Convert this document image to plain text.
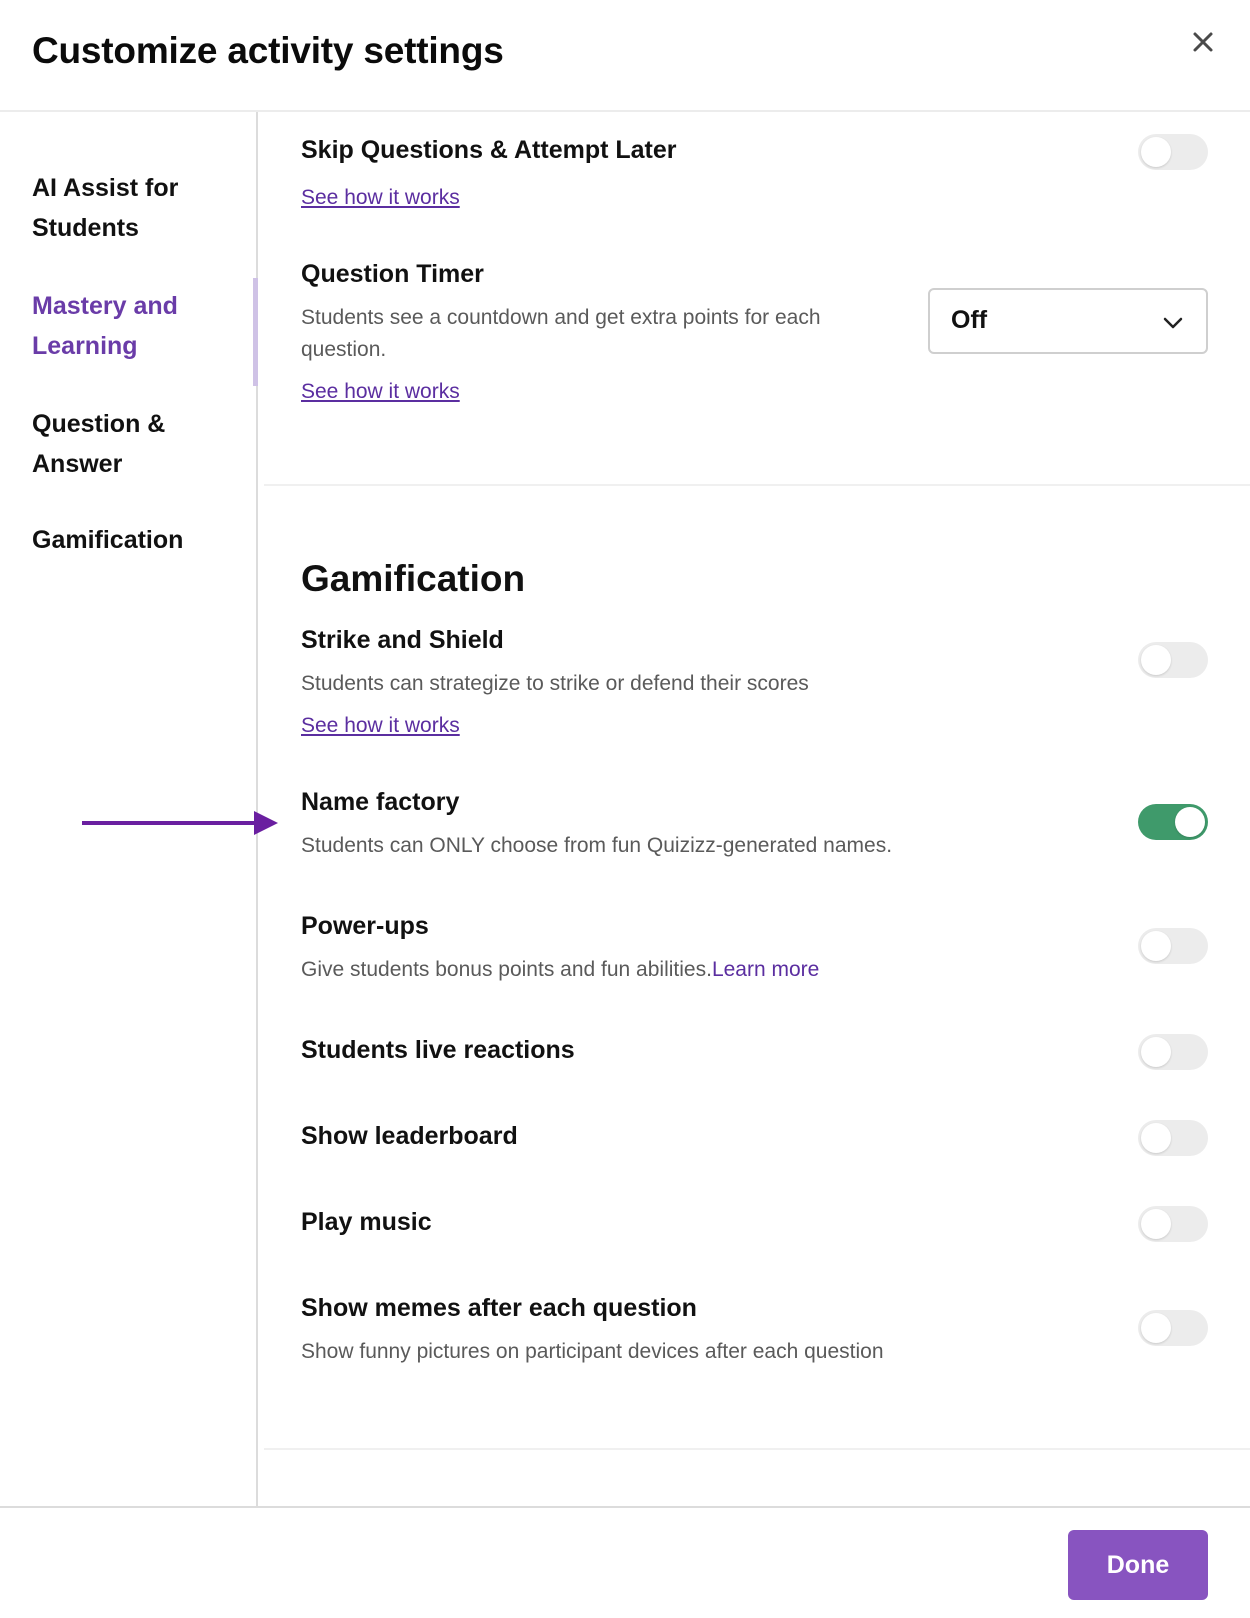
Customize activity settings
AI Assist for Students
Mastery and Learning
Question & Answer
Gamification
Skip Questions & Attempt Later
See how it works
Question Timer
Students see a countdown and get extra points for each question.
See how it works
Off
Gamification
Strike and Shield
Students can strategize to strike or defend their scores
See how it works
Name factory
Students can ONLY choose from fun Quizizz-generated names.
Power-ups
Give students bonus points and fun abilities.Learn more
Students live reactions
Show leaderboard
Play music
Show memes after each question
Show funny pictures on participant devices after each question
Done
